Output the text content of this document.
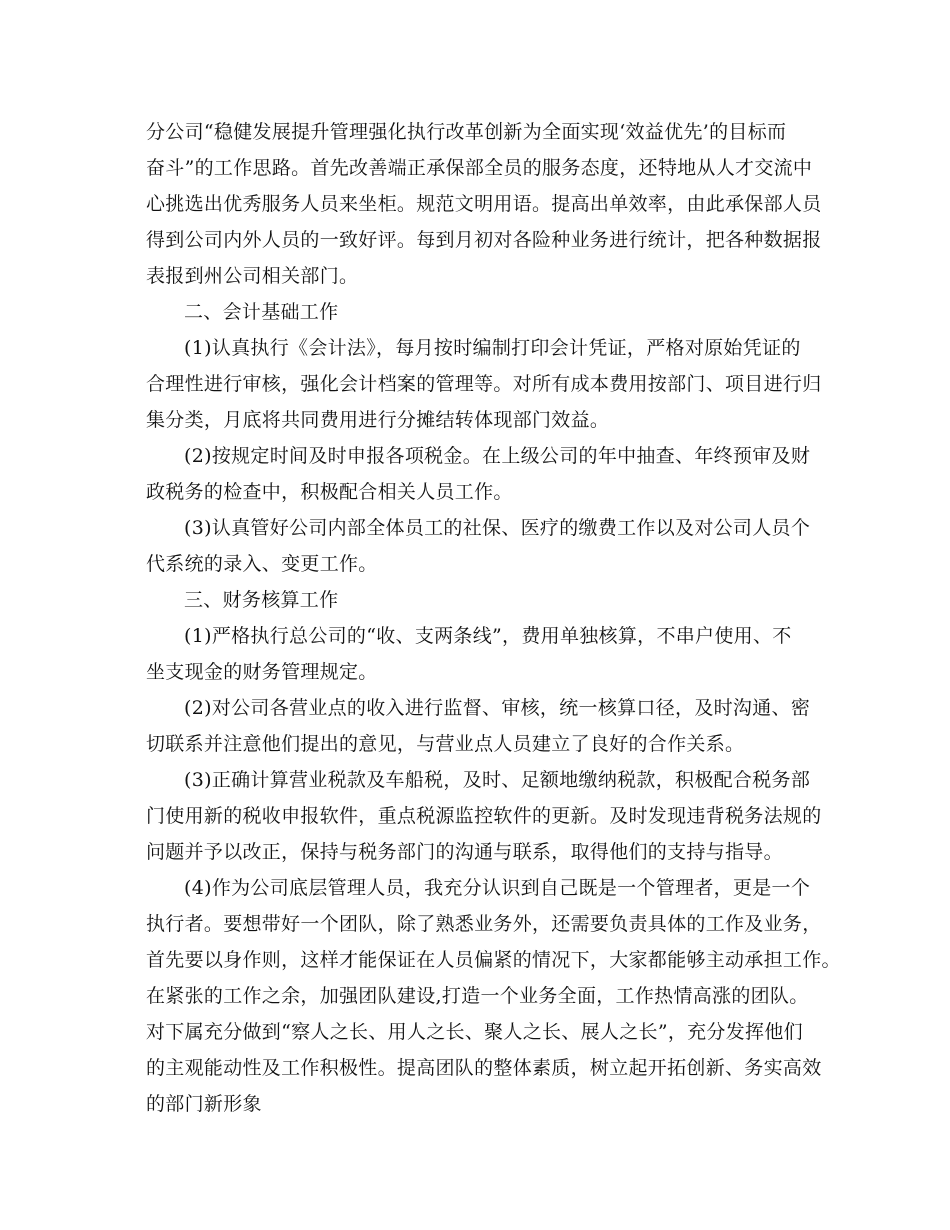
分公司“稳健发展提升管理强化执行改革创新为全面实现‘效益优先’的目标而
奋斗”的工作思路。首先改善端正承保部全员的服务态度，还特地从人才交流中
心挑选出优秀服务人员来坐柜。规范文明用语。提高出单效率，由此承保部人员
得到公司内外人员的一致好评。每到月初对各险种业务进行统计，把各种数据报
表报到州公司相关部门。
二、会计基础工作
(1)认真执行《会计法》，每月按时编制打印会计凭证，严格对原始凭证的
合理性进行审核，强化会计档案的管理等。对所有成本费用按部门、项目进行归
集分类，月底将共同费用进行分摊结转体现部门效益。
(2)按规定时间及时申报各项税金。在上级公司的年中抽查、年终预审及财
政税务的检查中，积极配合相关人员工作。
(3)认真管好公司内部全体员工的社保、医疗的缴费工作以及对公司人员个
代系统的录入、变更工作。
三、财务核算工作
(1)严格执行总公司的“收、支两条线”，费用单独核算，不串户使用、不
坐支现金的财务管理规定。
(2)对公司各营业点的收入进行监督、审核，统一核算口径，及时沟通、密
切联系并注意他们提出的意见，与营业点人员建立了良好的合作关系。
(3)正确计算营业税款及车船税，及时、足额地缴纳税款，积极配合税务部
门使用新的税收申报软件，重点税源监控软件的更新。及时发现违背税务法规的
问题并予以改正，保持与税务部门的沟通与联系，取得他们的支持与指导。
(4)作为公司底层管理人员，我充分认识到自己既是一个管理者，更是一个
执行者。要想带好一个团队，除了熟悉业务外，还需要负责具体的工作及业务，
首先要以身作则，这样才能保证在人员偏紧的情况下，大家都能够主动承担工作。
在紧张的工作之余，加强团队建设,打造一个业务全面，工作热情高涨的团队。
对下属充分做到“察人之长、用人之长、聚人之长、展人之长”，充分发挥他们
的主观能动性及工作积极性。提高团队的整体素质，树立起开拓创新、务实高效
的部门新形象
